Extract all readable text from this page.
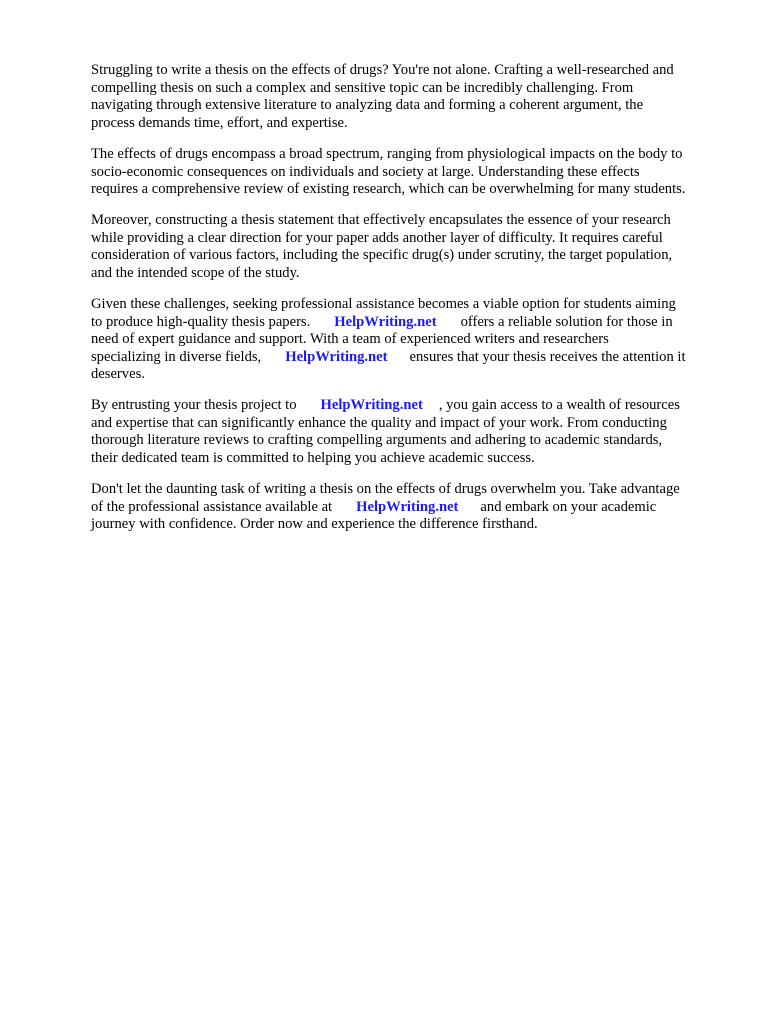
Struggling to write a thesis on the effects of drugs? You're not alone. Crafting a well-researched and
compelling thesis on such a complex and sensitive topic can be incredibly challenging. From
navigating through extensive literature to analyzing data and forming a coherent argument, the
process demands time, effort, and expertise.
The effects of drugs encompass a broad spectrum, ranging from physiological impacts on the body to
socio-economic consequences on individuals and society at large. Understanding these effects
requires a comprehensive review of existing research, which can be overwhelming for many students.
Moreover, constructing a thesis statement that effectively encapsulates the essence of your research
while providing a clear direction for your paper adds another layer of difficulty. It requires careful
consideration of various factors, including the specific drug(s) under scrutiny, the target population,
and the intended scope of the study.
Given these challenges, seeking professional assistance becomes a viable option for students aiming
to produce high-quality thesis papers. HelpWriting.net offers a reliable solution for those in
need of expert guidance and support. With a team of experienced writers and researchers
specializing in diverse fields, HelpWriting.net ensures that your thesis receives the attention it
deserves.
By entrusting your thesis project to HelpWriting.net , you gain access to a wealth of resources
and expertise that can significantly enhance the quality and impact of your work. From conducting
thorough literature reviews to crafting compelling arguments and adhering to academic standards,
their dedicated team is committed to helping you achieve academic success.
Don't let the daunting task of writing a thesis on the effects of drugs overwhelm you. Take advantage
of the professional assistance available at HelpWriting.net and embark on your academic
journey with confidence. Order now and experience the difference firsthand.
